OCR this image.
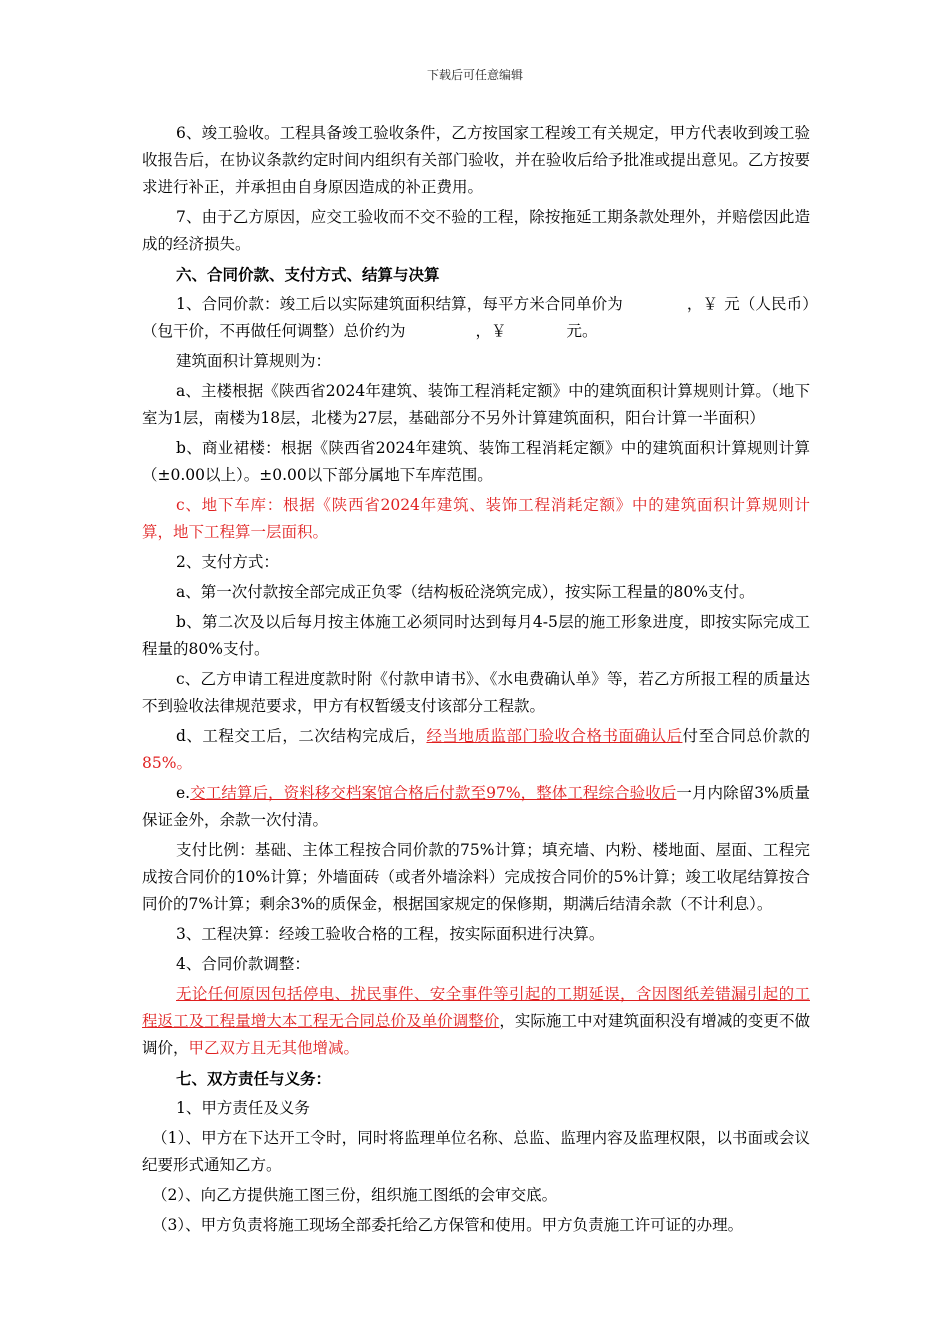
下载后可任意编辑

6、竣工验收。工程具备竣工验收条件，乙方按国家工程竣工有关规定，甲方代表收到竣工验收报告后，在协议条款约定时间内组织有关部门验收，并在验收后给予批准或提出意见。乙方按要求进行补正，并承担由自身原因造成的补正费用。

7、由于乙方原因，应交工验收而不交不验的工程，除按拖延工期条款处理外，并赔偿因此造成的经济损失。

六、合同价款、支付方式、结算与决算

1、合同价款：竣工后以实际建筑面积结算，每平方米合同单价为	，￥ 元（人民币）（包干价，不再做任何调整）总价约为	，￥	元。

建筑面积计算规则为：

a、主楼根据《陕西省2024年建筑、装饰工程消耗定额》中的建筑面积计算规则计算。（地下室为1层，南楼为18层，北楼为27层，基础部分不另外计算建筑面积，阳台计算一半面积）

b、商业裙楼：根据《陕西省2024年建筑、装饰工程消耗定额》中的建筑面积计算规则计算（±0.00以上）。±0.00以下部分属地下车库范围。

c、地下车库：根据《陕西省2024年建筑、装饰工程消耗定额》中的建筑面积计算规则计算，地下工程算一层面积。

2、支付方式：

a、第一次付款按全部完成正负零（结构板砼浇筑完成），按实际工程量的80%支付。

b、第二次及以后每月按主体施工必须同时达到每月4-5层的施工形象进度，即按实际完成工程量的80%支付。

c、乙方申请工程进度款时附《付款申请书》、《水电费确认单》等，若乙方所报工程的质量达不到验收法律规范要求，甲方有权暂缓支付该部分工程款。

d、工程交工后，二次结构完成后，经当地质监部门验收合格书面确认后付至合同总价款的85%。

e.交工结算后，资料移交档案馆合格后付款至97%，整体工程综合验收后一月内除留3%质量保证金外，余款一次付清。

支付比例：基础、主体工程按合同价款的75%计算；填充墙、内粉、楼地面、屋面、工程完成按合同价的10%计算；外墙面砖（或者外墙涂料）完成按合同价的5%计算；竣工收尾结算按合同价的7%计算；剩余3%的质保金，根据国家规定的保修期，期满后结清余款（不计利息）。

3、工程决算：经竣工验收合格的工程，按实际面积进行决算。

4、合同价款调整：

无论任何原因包括停电、扰民事件、安全事件等引起的工期延误，含因图纸差错漏引起的工程返工及工程量增大本工程无合同总价及单价调整价，实际施工中对建筑面积没有增减的变更不做调价，甲乙双方且无其他增减。

七、双方责任与义务：

1、甲方责任及义务

（1）、甲方在下达开工令时，同时将监理单位名称、总监、监理内容及监理权限，以书面或会议纪要形式通知乙方。

（2）、向乙方提供施工图三份，组织施工图纸的会审交底。

（3）、甲方负责将施工现场全部委托给乙方保管和使用。甲方负责施工许可证的办理。
